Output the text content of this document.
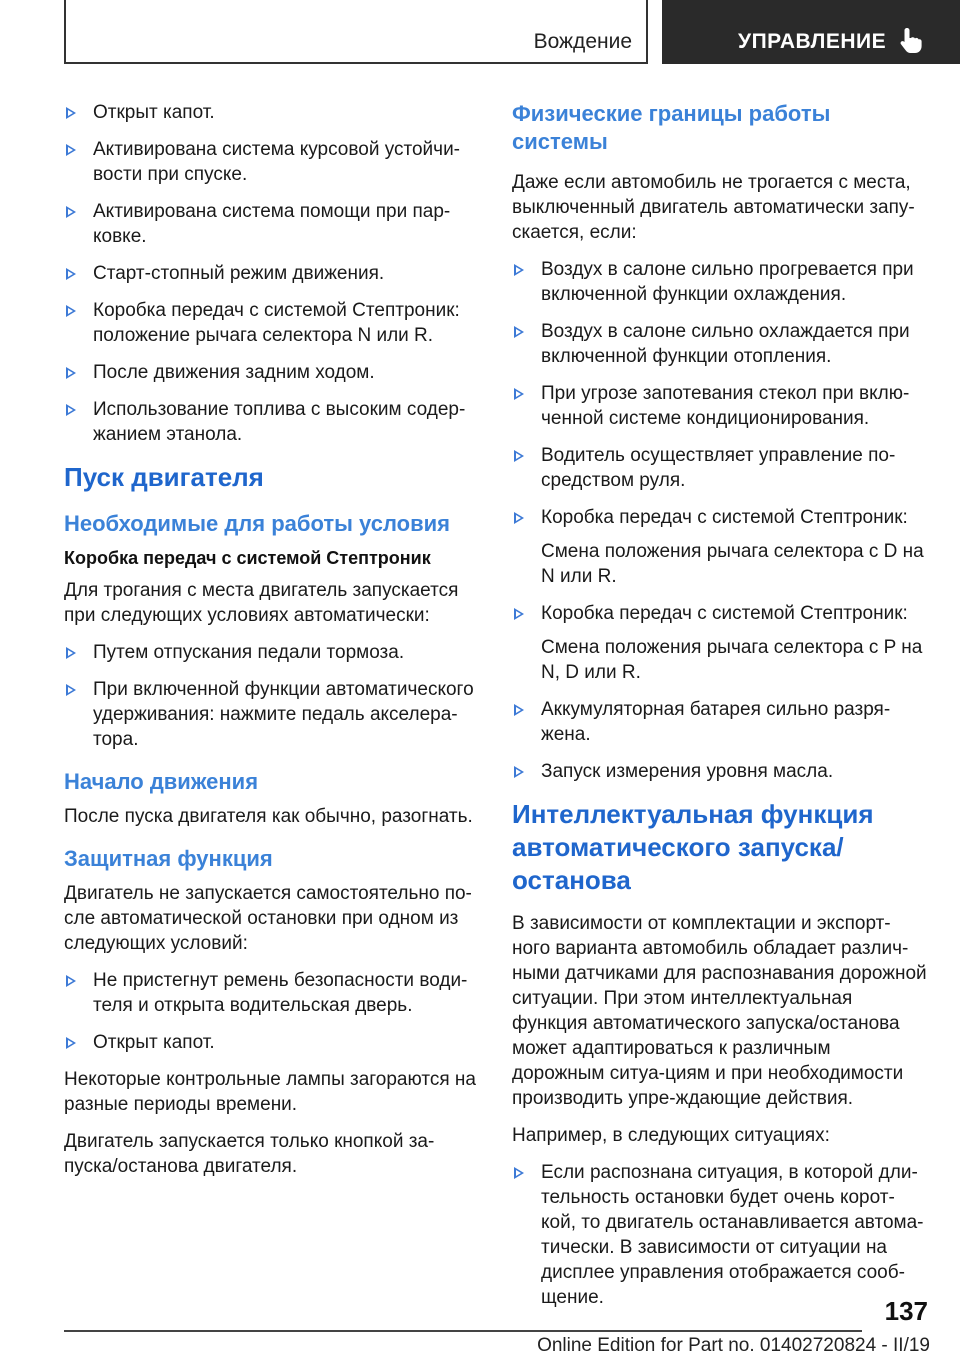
Вождение	УПРАВЛЕНИЕ
Открыт капот.
Активирована система курсовой устойчи-вости при спуске.
Активирована система помощи при пар-ковке.
Старт-стопный режим движения.
Коробка передач с системой Стептроник: положение рычага селектора N или R.
После движения задним ходом.
Использование топлива с высоким содер-жанием этанола.
Пуск двигателя
Необходимые для работы условия
Коробка передач с системой Стептроник

Для трогания с места двигатель запускается при следующих условиях автоматически:

Путем отпускания педали тормоза.
При включенной функции автоматического удерживания: нажмите педаль акселера-тора.
Начало движения

После пуска двигателя как обычно, разогнать.

Защитная функция

Двигатель не запускается самостоятельно по-сле автоматической остановки при одном из следующих условий:

Не пристегнут ремень безопасности води-теля и открыта водительская дверь.
Открыт капот.

Некоторые контрольные лампы загораются на разные периоды времени.

Двигатель запускается только кнопкой за-пуска/останова двигателя.

Физические границы работы системы

Даже если автомобиль не трогается с места, выключенный двигатель автоматически запу-скается, если:

Воздух в салоне сильно прогревается при включенной функции охлаждения.
Воздух в салоне сильно охлаждается при включенной функции отопления.
При угрозе запотевания стекол при вклю-ченной системе кондиционирования.
Водитель осуществляет управление по-средством руля.
Коробка передач с системой Стептроник:
Смена положения рычага селектора с D на N или R.
Коробка передач с системой Стептроник:
Смена положения рычага селектора с P на N, D или R.
Аккумуляторная батарея сильно разря-жена.
Запуск измерения уровня масла.
Интеллектуальная функция автоматического запуска/ останова

В зависимости от комплектации и экспорт-ного варианта автомобиль обладает различ-ными датчиками для распознавания дорожной ситуации. При этом интеллектуальная функция автоматического запуска/останова может адаптироваться к различным дорожным ситуа-циям и при необходимости производить упре-ждающие действия.

Например, в следующих ситуациях:

Если распознана ситуация, в которой дли-тельность остановки будет очень корот-кой, то двигатель останавливается автома-тически. В зависимости от ситуации на дисплее управления отображается сооб-щение.	137
Online Edition for Part no. 01402720824 - II/19
